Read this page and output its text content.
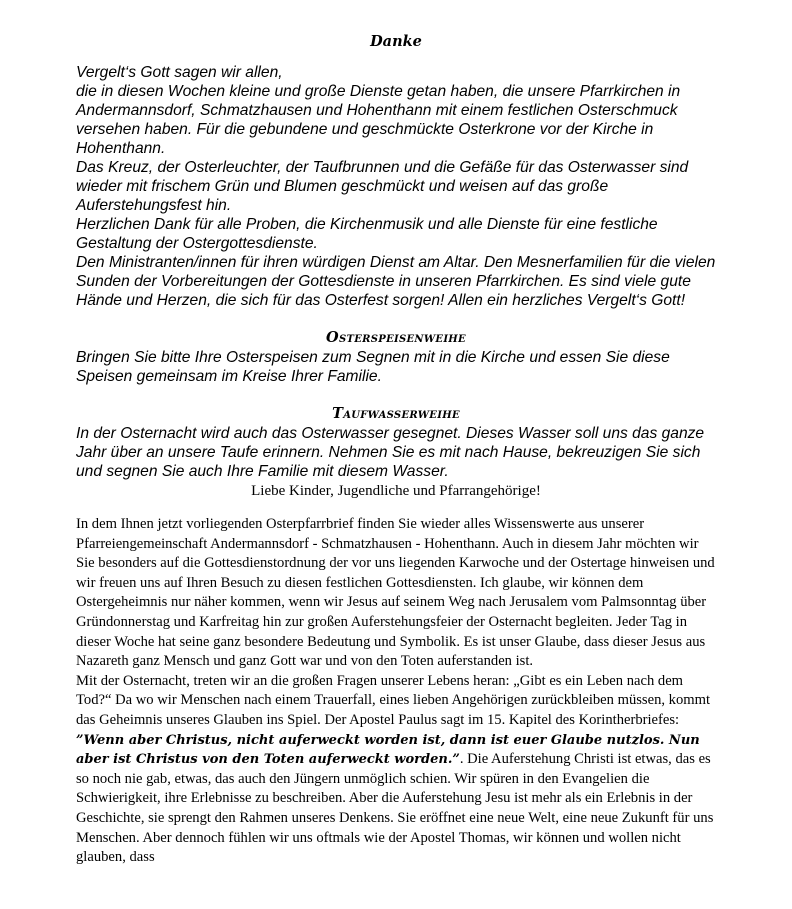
Danke

Vergelt‘s Gott sagen wir allen,

die in diesen Wochen kleine und große Dienste getan haben, die unsere Pfarrkirchen in Andermannsdorf, Schmatzhausen und Hohenthann mit einem festlichen Osterschmuck versehen haben. Für die gebundene und geschmückte Osterkrone vor der Kirche in Hohenthann.

Das Kreuz, der Osterleuchter, der Taufbrunnen und die Gefäße für das Osterwasser sind wieder mit frischem Grün und Blumen geschmückt und weisen auf das große Auferstehungsfest hin.

Herzlichen Dank für alle Proben, die Kirchenmusik und alle Dienste für eine festliche Gestaltung der Ostergottesdienste.

Den Ministranten/innen für ihren würdigen Dienst am Altar. Den Mesnerfamilien für die vielen Sunden der Vorbereitungen der Gottesdienste in unseren Pfarrkirchen. Es sind viele gute Hände und Herzen, die sich für das Osterfest sorgen! Allen ein herzliches Vergelt‘s Gott!

Osterspeisenweihe

Bringen Sie bitte Ihre Osterspeisen zum Segnen mit in die Kirche und essen Sie diese Speisen gemeinsam im Kreise Ihrer Familie.

Taufwasserweihe

In der Osternacht wird auch das Osterwasser gesegnet. Dieses Wasser soll uns das ganze Jahr über an unsere Taufe erinnern. Nehmen Sie es mit nach Hause, bekreuzigen Sie sich und segnen Sie auch Ihre Familie mit diesem Wasser.

Liebe Kinder, Jugendliche und Pfarrangehörige!

In dem Ihnen jetzt vorliegenden Osterpfarrbrief finden Sie wieder alles Wissenswerte aus unserer Pfarreiengemeinschaft Andermannsdorf - Schmatzhausen - Hohenthann. Auch in diesem Jahr möchten wir Sie besonders auf die Gottesdienstordnung der vor uns liegenden Karwoche und der Ostertage hinweisen und wir freuen uns auf Ihren Besuch zu diesen festlichen Gottesdiensten. Ich glaube, wir können dem Ostergeheimnis nur näher kommen, wenn wir Jesus auf seinem Weg nach Jerusalem vom Palmsonntag über Gründonnerstag und Karfreitag hin zur großen Auferstehungsfeier der Osternacht begleiten. Jeder Tag in dieser Woche hat seine ganz besondere Bedeutung und Symbolik. Es ist unser Glaube, dass dieser Jesus aus Nazareth ganz Mensch und ganz Gott war und von den Toten auferstanden ist.

Mit der Osternacht, treten wir an die großen Fragen unserer Lebens heran: „Gibt es ein Leben nach dem Tod?“ Da wo wir Menschen nach einem Trauerfall, eines lieben Angehörigen zurückbleiben müssen, kommt das Geheimnis unseres Glauben ins Spiel. Der Apostel Paulus sagt im 15. Kapitel des Korintherbriefes: ”Wenn aber Christus, nicht auferweckt worden ist, dann ist euer Glaube nutzlos. Nun aber ist Christus von den Toten auferweckt worden.”. Die Auferstehung Christi ist etwas, das es so noch nie gab, etwas, das auch den Jüngern unmöglich schien. Wir spüren in den Evangelien die Schwierigkeit, ihre Erlebnisse zu beschreiben. Aber die Auferstehung Jesu ist mehr als ein Erlebnis in der Geschichte, sie sprengt den Rahmen unseres Denkens. Sie eröffnet eine neue Welt, eine neue Zukunft für uns Menschen. Aber dennoch fühlen wir uns oftmals wie der Apostel Thomas, wir können und wollen nicht glauben, dass
